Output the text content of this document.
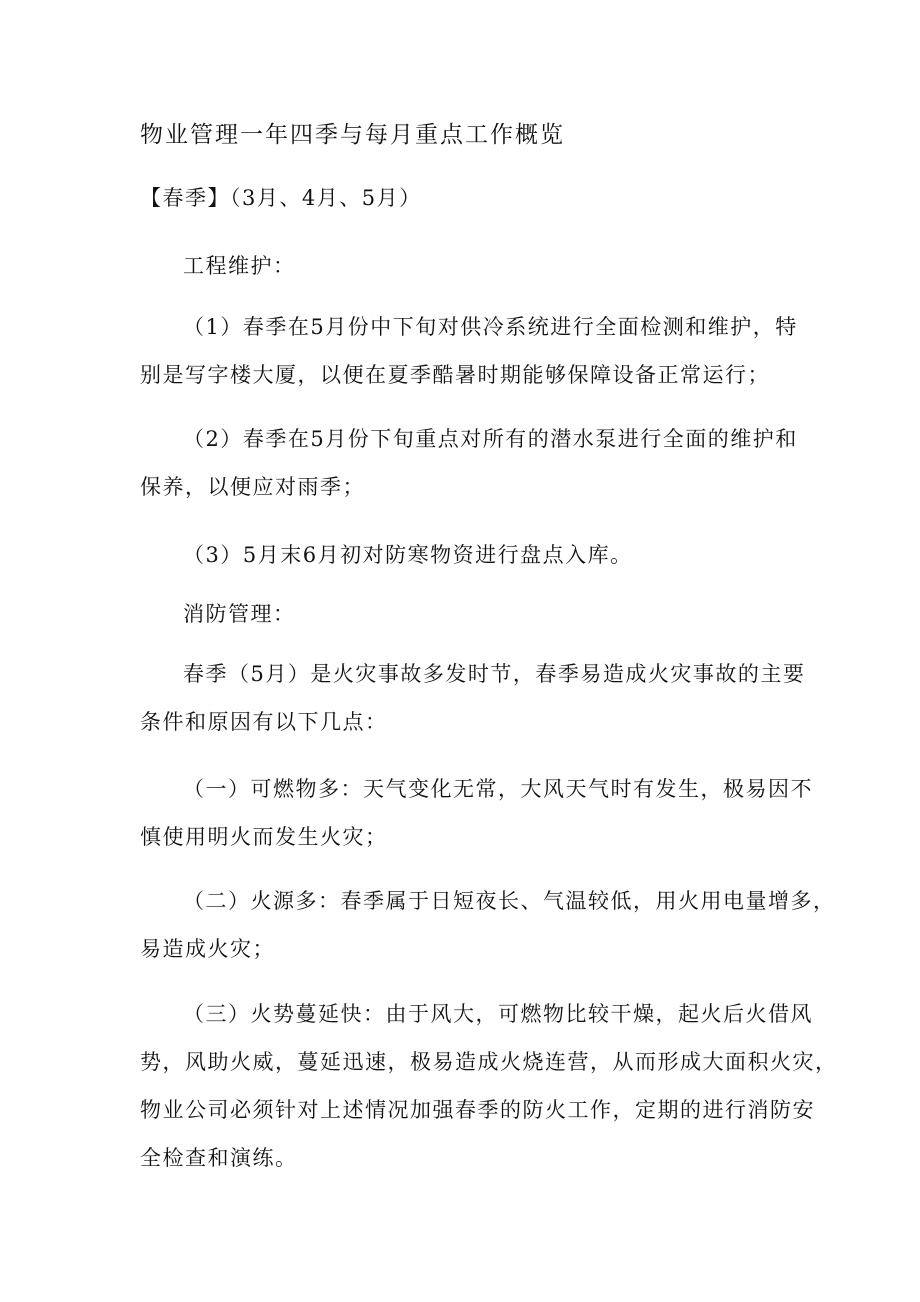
物业管理一年四季与每月重点工作概览

【春季】（3月、4月、5月）

工程维护：

（1）春季在5月份中下旬对供冷系统进行全面检测和维护，特
别是写字楼大厦，以便在夏季酷暑时期能够保障设备正常运行；

（2）春季在5月份下旬重点对所有的潜水泵进行全面的维护和
保养，以便应对雨季；

（3）5月末6月初对防寒物资进行盘点入库。

消防管理：

春季（5月）是火灾事故多发时节，春季易造成火灾事故的主要
条件和原因有以下几点：

（一）可燃物多：天气变化无常，大风天气时有发生，极易因不
慎使用明火而发生火灾；

（二）火源多：春季属于日短夜长、气温较低，用火用电量增多，
易造成火灾；

（三）火势蔓延快：由于风大，可燃物比较干燥，起火后火借风
势，风助火威，蔓延迅速，极易造成火烧连营，从而形成大面积火灾，
物业公司必须针对上述情况加强春季的防火工作，定期的进行消防安
全检查和演练。
